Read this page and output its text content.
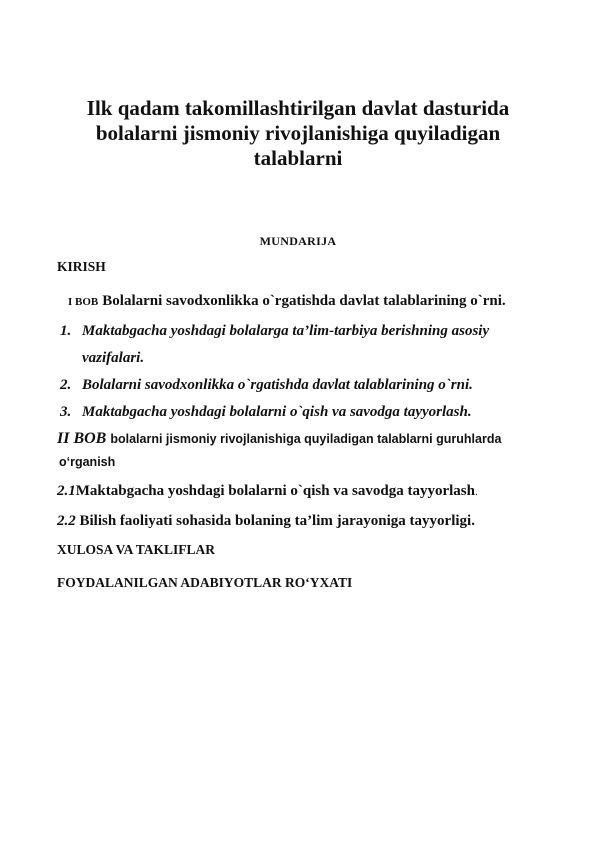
Ilk qadam takomillashtirilgan davlat dasturida bolalarni jismoniy rivojlanishiga quyiladigan talablarni
MUNDARIJA
KIRISH
I BOB Bolalarni savodxonlikka o`rgatishda davlat talablarining o`rni.
1. Maktabgacha yoshdagi bolalarga ta’lim-tarbiya berishning asosiy
vazifalari.
2. Bolalarni savodxonlikka o`rgatishda davlat talablarining o`rni.
3. Maktabgacha yoshdagi bolalarni o`qish va savodga tayyorlash.
II BOB bolalarni jismoniy rivojlanishiga quyiladigan talablarni guruhlarda
o‘rganish
2.1Maktabgacha yoshdagi bolalarni o`qish va savodga tayyorlash.
2.2 Bilish faoliyati sohasida bolaning ta’lim jarayoniga tayyorligi.
XULOSA VA TAKLIFLAR
FOYDALANILGAN ADABIYOTLAR RO‘YXATI
